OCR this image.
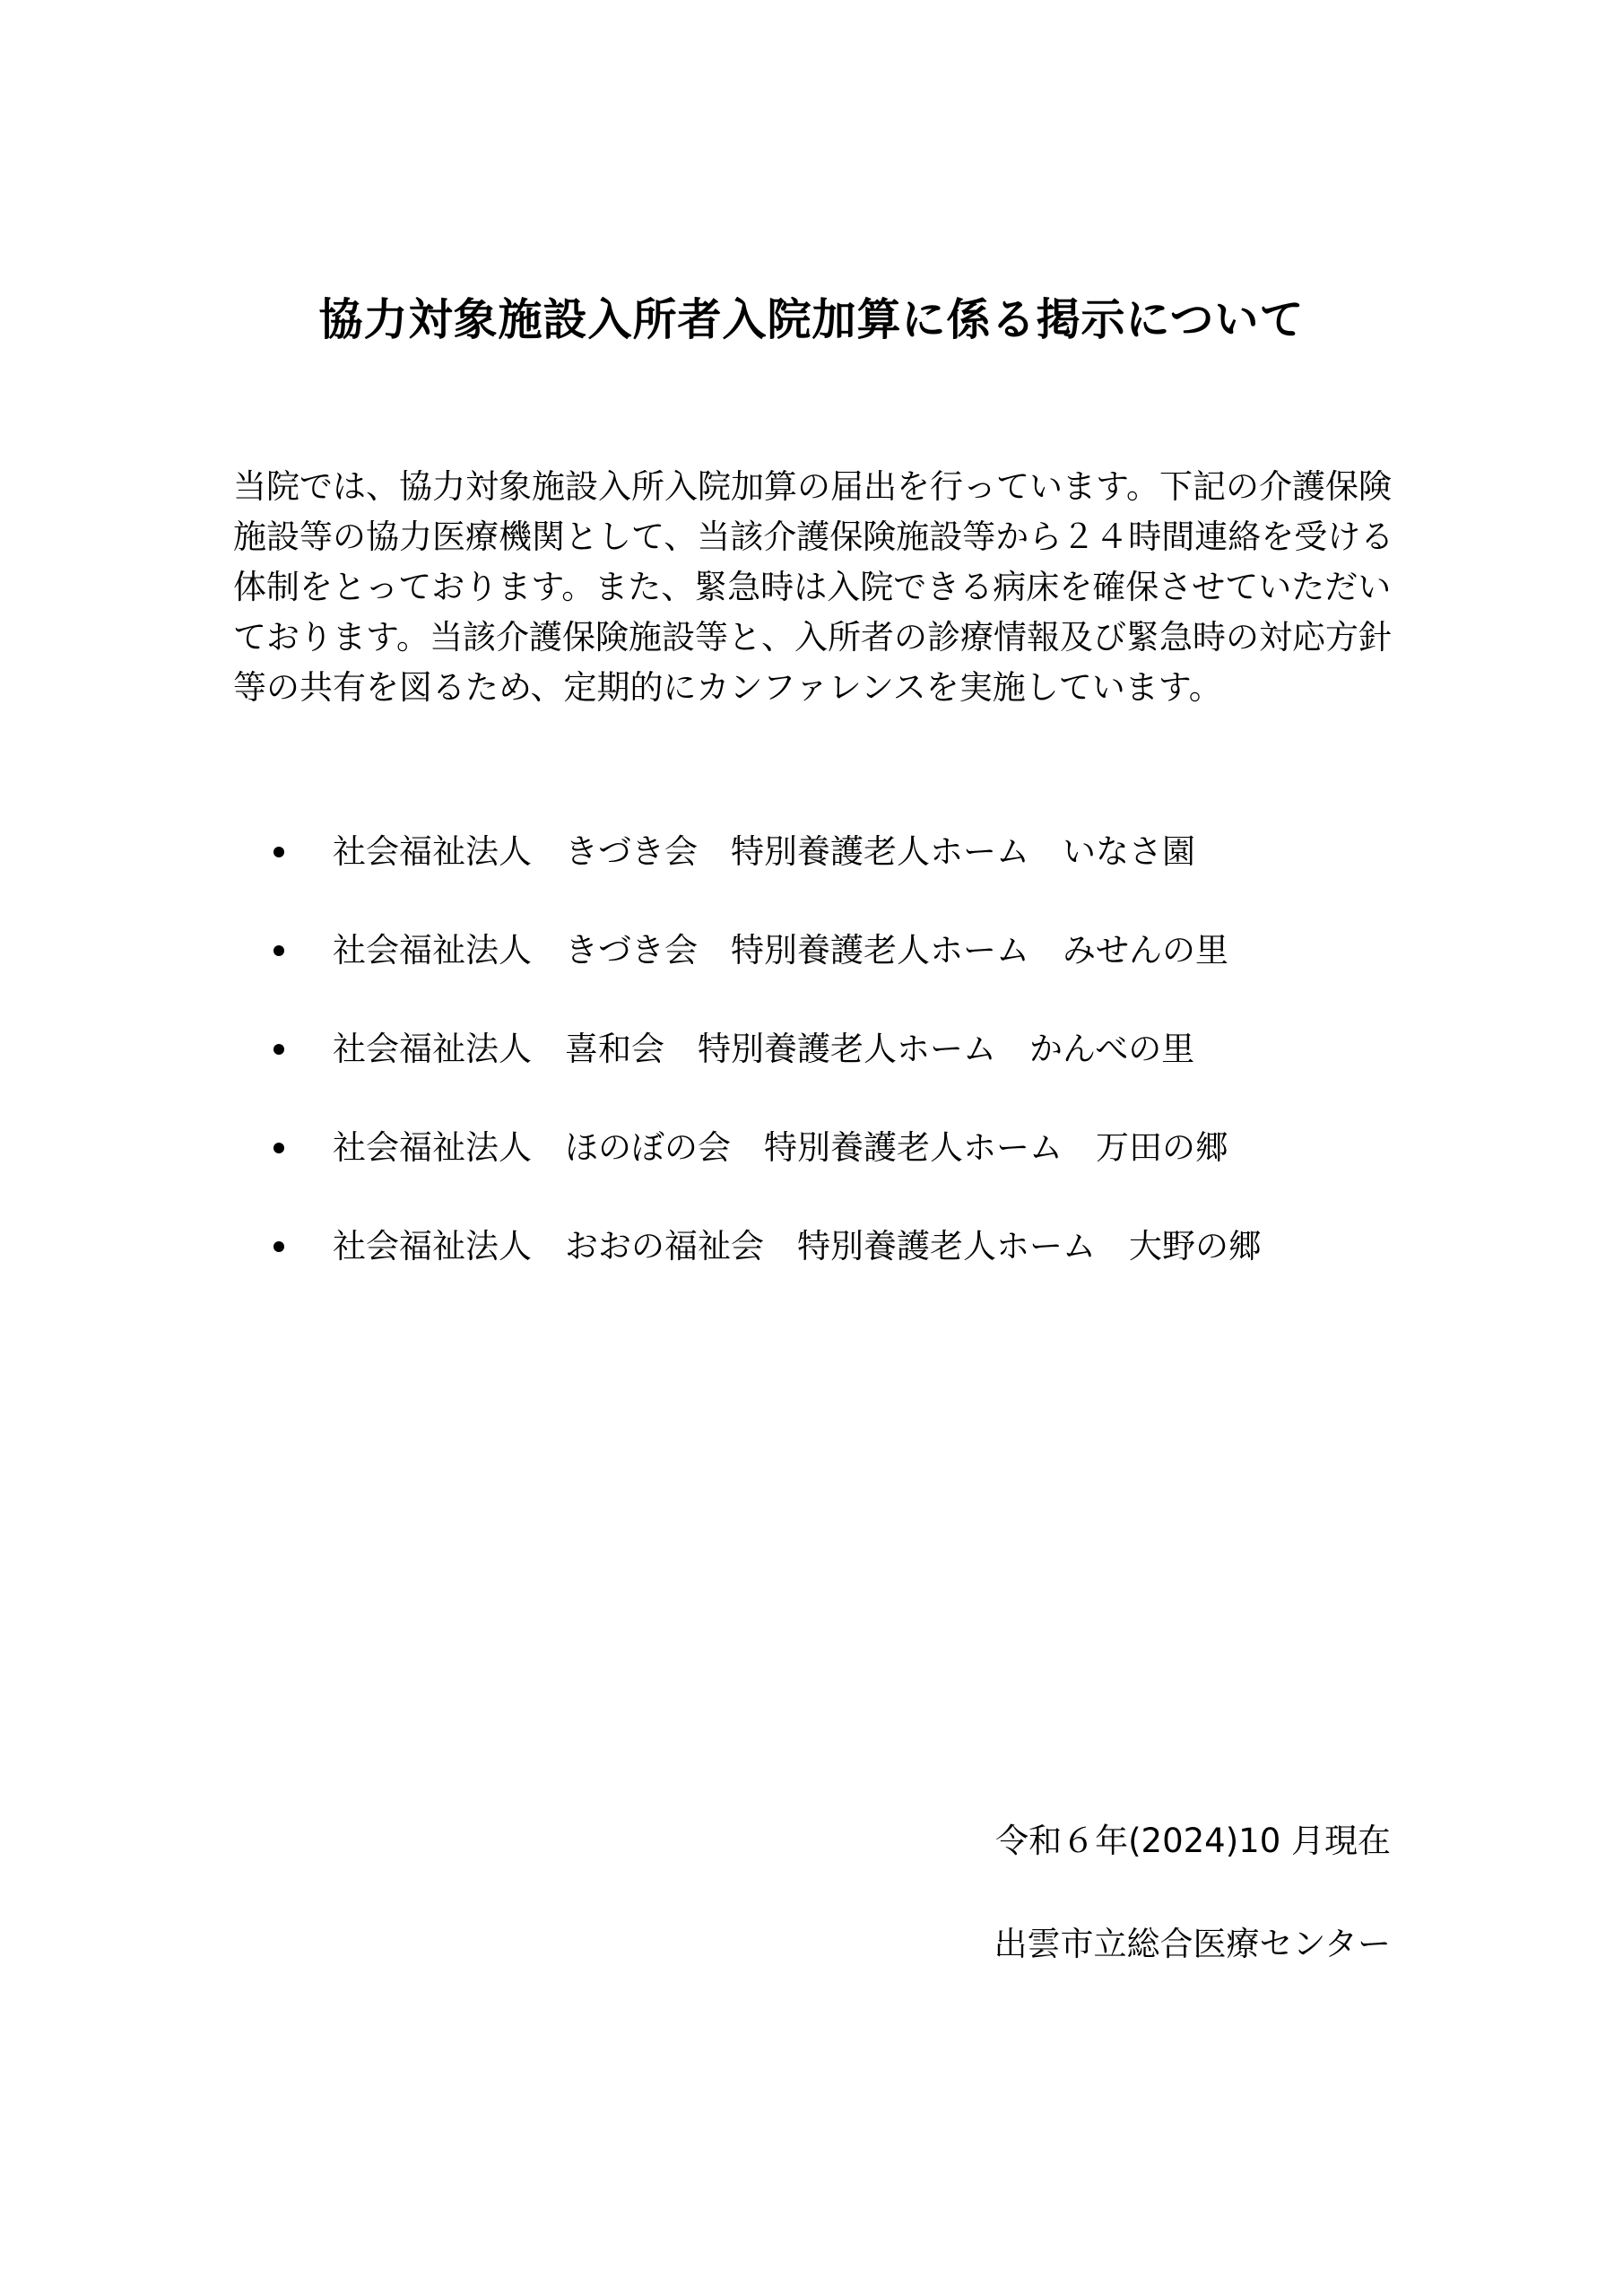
協力対象施設入所者入院加算に係る掲示について
当院では、協力対象施設入所入院加算の届出を行っています。下記の介護保険施設等の協力医療機関として、当該介護保険施設等から２４時間連絡を受ける体制をとっております。また、緊急時は入院できる病床を確保させていただいております。当該介護保険施設等と、入所者の診療情報及び緊急時の対応方針等の共有を図るため、定期的にカンファレンスを実施しています。
社会福祉法人　きづき会　特別養護老人ホーム　いなさ園
社会福祉法人　きづき会　特別養護老人ホーム　みせんの里
社会福祉法人　喜和会　特別養護老人ホーム　かんべの里
社会福祉法人　ほのぼの会　特別養護老人ホーム　万田の郷
社会福祉法人　おおの福祉会　特別養護老人ホーム　大野の郷
令和６年(2024)10 月現在
出雲市立総合医療センター
